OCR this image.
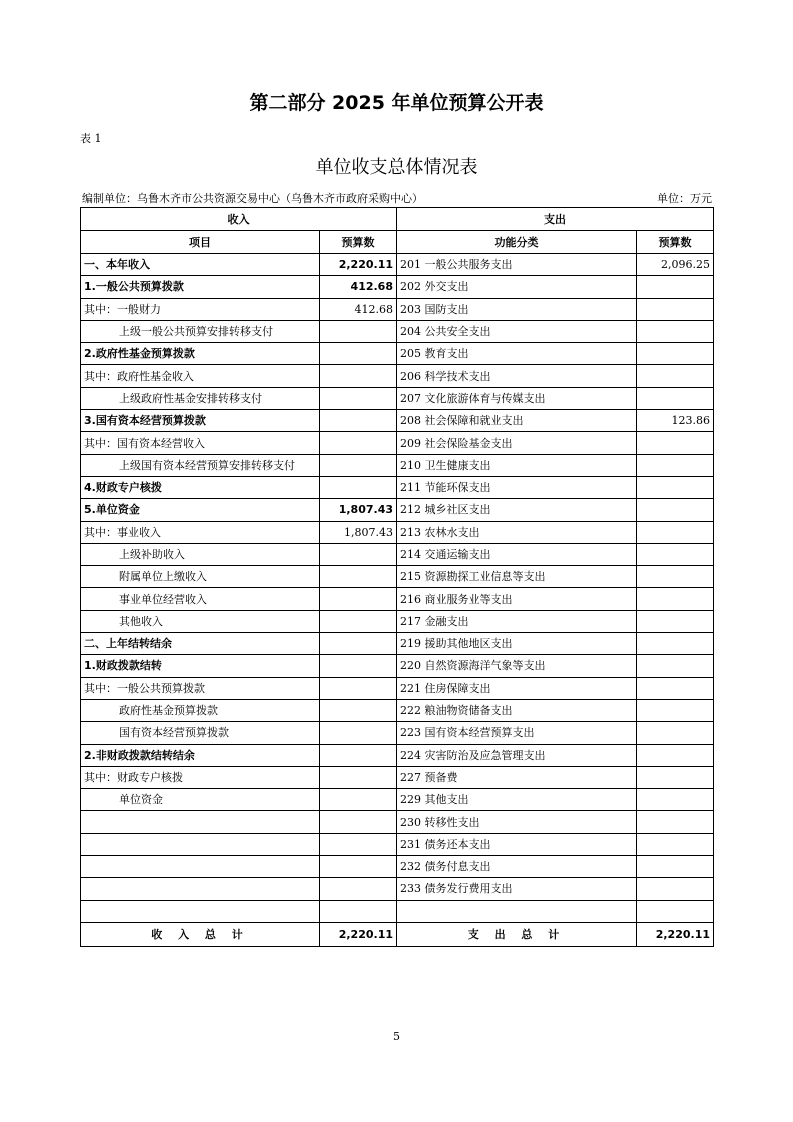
第二部分 2025 年单位预算公开表
表 1
单位收支总体情况表
编制单位：乌鲁木齐市公共资源交易中心（乌鲁木齐市政府采购中心）	单位：万元
收入		支出	
项目	预算数	功能分类	预算数
一、本年收入	2,220.11	201 一般公共服务支出	2,096.25
1.一般公共预算拨款	412.68	202 外交支出	
其中：一般财力	412.68	203 国防支出	
上级一般公共预算安排转移支付		204 公共安全支出	
2.政府性基金预算拨款		205 教育支出	
其中：政府性基金收入		206 科学技术支出	
上级政府性基金安排转移支付		207 文化旅游体育与传媒支出	
3.国有资本经营预算拨款		208 社会保障和就业支出	123.86
其中：国有资本经营收入		209 社会保险基金支出	
上级国有资本经营预算安排转移支付		210 卫生健康支出	
4.财政专户核拨		211 节能环保支出	
5.单位资金	1,807.43	212 城乡社区支出	
其中：事业收入	1,807.43	213 农林水支出	
上级补助收入		214 交通运输支出	
附属单位上缴收入		215 资源勘探工业信息等支出	
事业单位经营收入		216 商业服务业等支出	
其他收入		217 金融支出	
二、上年结转结余		219 援助其他地区支出	
1.财政拨款结转		220 自然资源海洋气象等支出	
其中：一般公共预算拨款		221 住房保障支出	
政府性基金预算拨款		222 粮油物资储备支出	
国有资本经营预算拨款		223 国有资本经营预算支出	
2.非财政拨款结转结余		224 灾害防治及应急管理支出	
其中：财政专户核拨		227 预备费	
单位资金		229 其他支出	
		230 转移性支出	
		231 债务还本支出	
		232 债务付息支出	
		233 债务发行费用支出	

收 入 总 计	2,220.11	支 出 总 计	2,220.11
5
